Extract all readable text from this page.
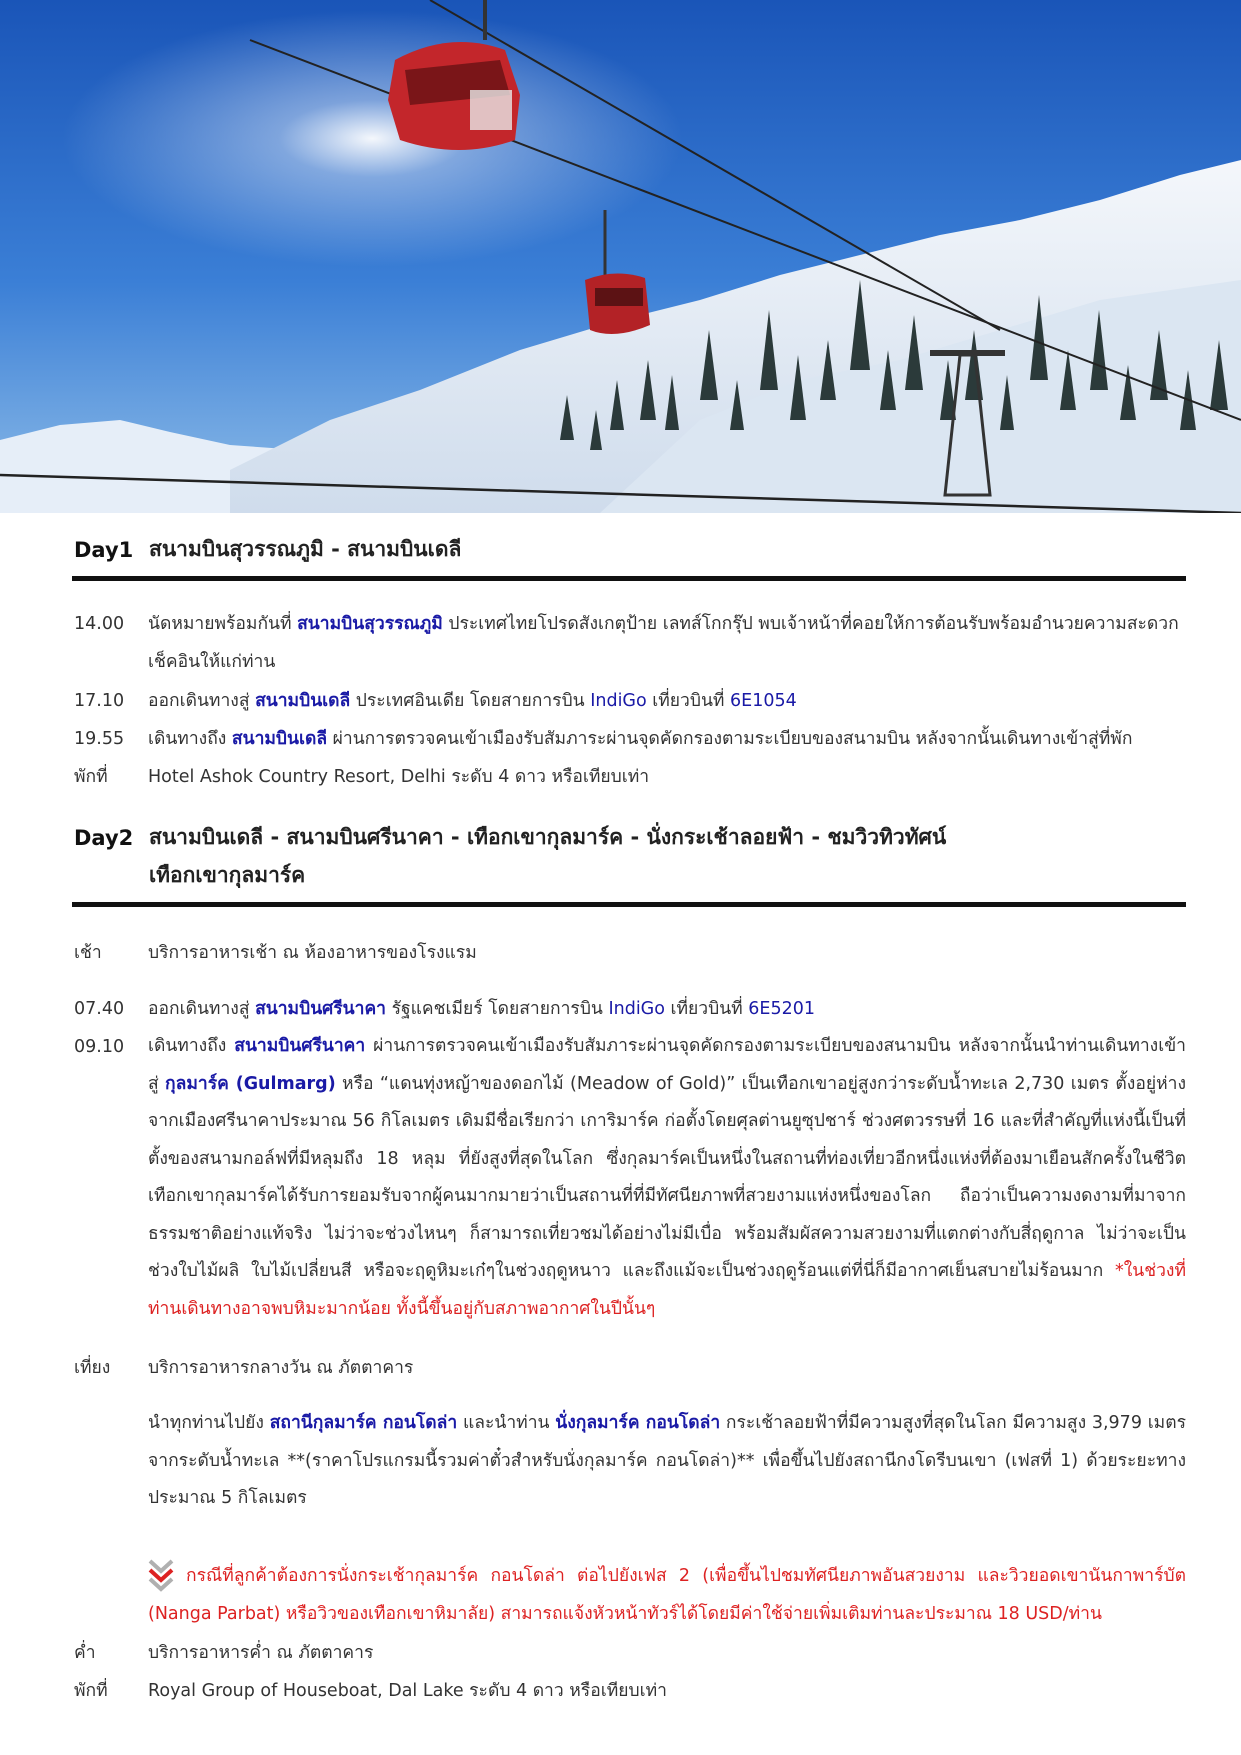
Day1 สนามบินสุวรรณภูมิ - สนามบินเดลี
14.00	นัดหมายพร้อมกันที่ สนามบินสุวรรณภูมิ ประเทศไทยโปรดสังเกตุป้าย เลทส์โกกรุ๊ป พบเจ้าหน้าที่คอยให้การต้อนรับพร้อมอำนวยความสะดวกเช็คอินให้แก่ท่าน
17.10	ออกเดินทางสู่ สนามบินเดลี ประเทศอินเดีย โดยสายการบิน IndiGo เที่ยวบินที่ 6E1054
19.55	เดินทางถึง สนามบินเดลี ผ่านการตรวจคนเข้าเมืองรับสัมภาระผ่านจุดคัดกรองตามระเบียบของสนามบิน หลังจากนั้นเดินทางเข้าสู่ที่พัก
พักที่	Hotel Ashok Country Resort, Delhi ระดับ 4 ดาว หรือเทียบเท่า
Day2 สนามบินเดลี - สนามบินศรีนาคา - เทือกเขากุลมาร์ค - นั่งกระเช้าลอยฟ้า - ชมวิวทิวทัศน์
เทือกเขากุลมาร์ค
เช้า	บริการอาหารเช้า ณ ห้องอาหารของโรงแรม
07.40	ออกเดินทางสู่ สนามบินศรีนาคา รัฐแคชเมียร์ โดยสายการบิน IndiGo เที่ยวบินที่ 6E5201
09.10	เดินทางถึง สนามบินศรีนาคา ผ่านการตรวจคนเข้าเมืองรับสัมภาระผ่านจุดคัดกรองตามระเบียบของสนามบิน หลังจากนั้นนำท่านเดินทางเข้าสู่ กุลมาร์ค (Gulmarg) หรือ “แดนทุ่งหญ้าของดอกไม้ (Meadow of Gold)” เป็นเทือกเขาอยู่สูงกว่าระดับน้ำทะเล 2,730 เมตร ตั้งอยู่ห่างจากเมืองศรีนาคาประมาณ 56 กิโลเมตร เดิมมีชื่อเรียกว่า เการิมาร์ค ก่อตั้งโดยศุลต่านยูซุปชาร์ ช่วงศตวรรษที่ 16 และที่สำคัญที่แห่งนี้เป็นที่ตั้งของสนามกอล์ฟที่มีหลุมถึง 18 หลุม ที่ยังสูงที่สุดในโลก ซึ่งกุลมาร์คเป็นหนึ่งในสถานที่ท่องเที่ยวอีกหนึ่งแห่งที่ต้องมาเยือนสักครั้งในชีวิต เทือกเขากุลมาร์คได้รับการยอมรับจากผู้คนมากมายว่าเป็นสถานที่ที่มีทัศนียภาพที่สวยงามแห่งหนึ่งของโลก ถือว่าเป็นความงดงามที่มาจากธรรมชาติอย่างแท้จริง ไม่ว่าจะช่วงไหนๆ ก็สามารถเที่ยวชมได้อย่างไม่มีเบื่อ พร้อมสัมผัสความสวยงามที่แตกต่างกับสี่ฤดูกาล ไม่ว่าจะเป็นช่วงใบไม้ผลิ ใบไม้เปลี่ยนสี หรือจะฤดูหิมะเก๋ๆในช่วงฤดูหนาว และถึงแม้จะเป็นช่วงฤดูร้อนแต่ที่นี่ก็มีอากาศเย็นสบายไม่ร้อนมาก *ในช่วงที่ท่านเดินทางอาจพบหิมะมากน้อย ทั้งนี้ขึ้นอยู่กับสภาพอากาศในปีนั้นๆ
เที่ยง	บริการอาหารกลางวัน ณ ภัตตาคาร
นำทุกท่านไปยัง สถานีกุลมาร์ค กอนโดล่า และนำท่าน นั่งกุลมาร์ค กอนโดล่า กระเช้าลอยฟ้าที่มีความสูงที่สุดในโลก มีความสูง 3,979 เมตรจากระดับน้ำทะเล **(ราคาโปรแกรมนี้รวมค่าตั๋วสำหรับนั่งกุลมาร์ค กอนโดล่า)** เพื่อขึ้นไปยังสถานีกงโดรีบนเขา (เฟสที่ 1) ด้วยระยะทางประมาณ 5 กิโลเมตร
กรณีที่ลูกค้าต้องการนั่งกระเช้ากุลมาร์ค กอนโดล่า ต่อไปยังเฟส 2 (เพื่อขึ้นไปชมทัศนียภาพอันสวยงาม และวิวยอดเขานันกาพาร์บัต (Nanga Parbat) หรือวิวของเทือกเขาหิมาลัย) สามารถแจ้งหัวหน้าทัวร์ได้โดยมีค่าใช้จ่ายเพิ่มเติมท่านละประมาณ 18 USD/ท่าน
ค่ำ	บริการอาหารค่ำ ณ ภัตตาคาร
พักที่	Royal Group of Houseboat, Dal Lake ระดับ 4 ดาว หรือเทียบเท่า
